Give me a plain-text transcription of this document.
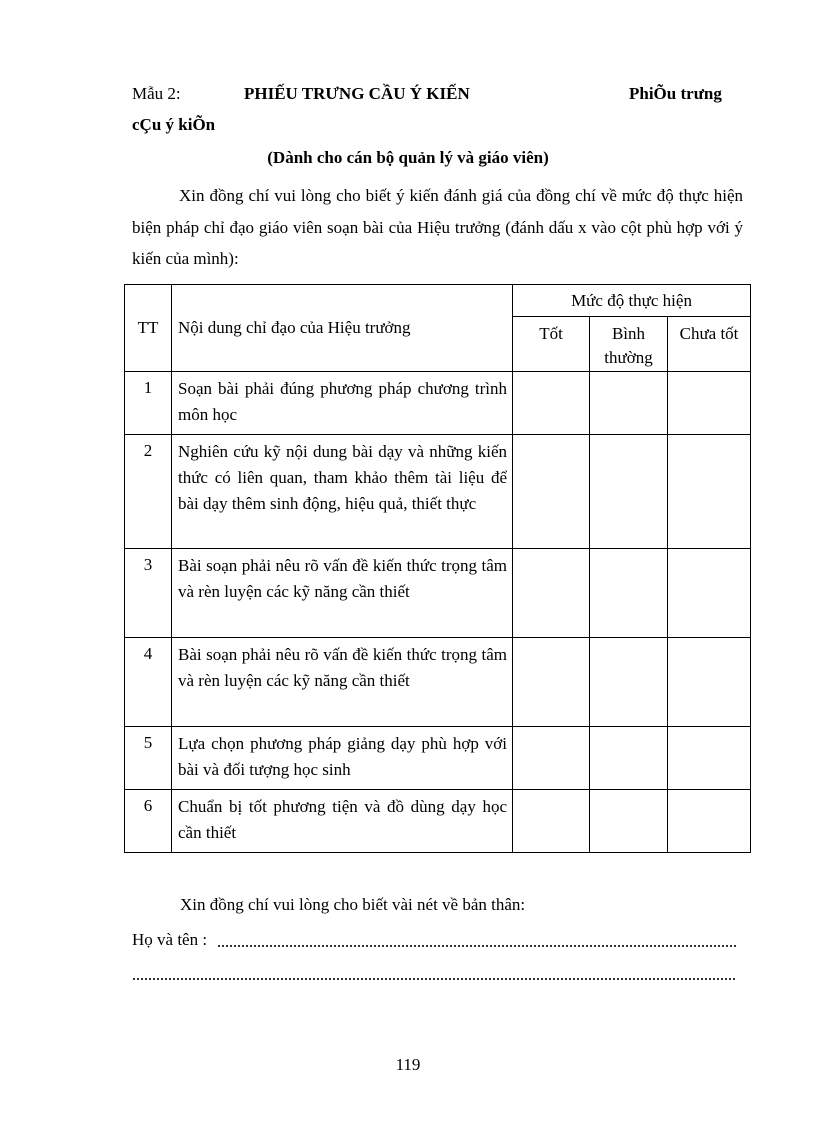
Mẫu 2:	PHIẾU TRƯNG CẦU Ý KIẾN	PhiÕu trưng
cÇu ý kiÕn
(Dành cho cán bộ quản lý và giáo viên)

Xin đồng chí vui lòng cho biết ý kiến đánh giá của đồng chí về mức độ thực hiện biện pháp chỉ đạo giáo viên soạn bài của Hiệu trưởng (đánh dấu x vào cột phù hợp với ý kiến của mình):

TT	Nội dung chỉ đạo của Hiệu trưởng	Mức độ thực hiện		
		Tốt	Bình thường	Chưa tốt
1	Soạn bài phải đúng phương pháp chương trình môn học			
2	Nghiên cứu kỹ nội dung bài dạy và những kiến thức có liên quan, tham khảo thêm tài liệu để bài dạy thêm sinh động, hiệu quả, thiết thực			
3	Bài soạn phải nêu rõ vấn đề kiến thức trọng tâm và rèn luyện các kỹ năng cần thiết			
4	Bài soạn phải nêu rõ vấn đề kiến thức trọng tâm và rèn luyện các kỹ năng cần thiết			
5	Lựa chọn phương pháp giảng dạy phù hợp với bài và đối tượng học sinh			
6	Chuẩn bị tốt phương tiện và đồ dùng dạy học cần thiết			
Xin đồng chí vui lòng cho biết vài nét về bản thân:
Họ và tên :
119
